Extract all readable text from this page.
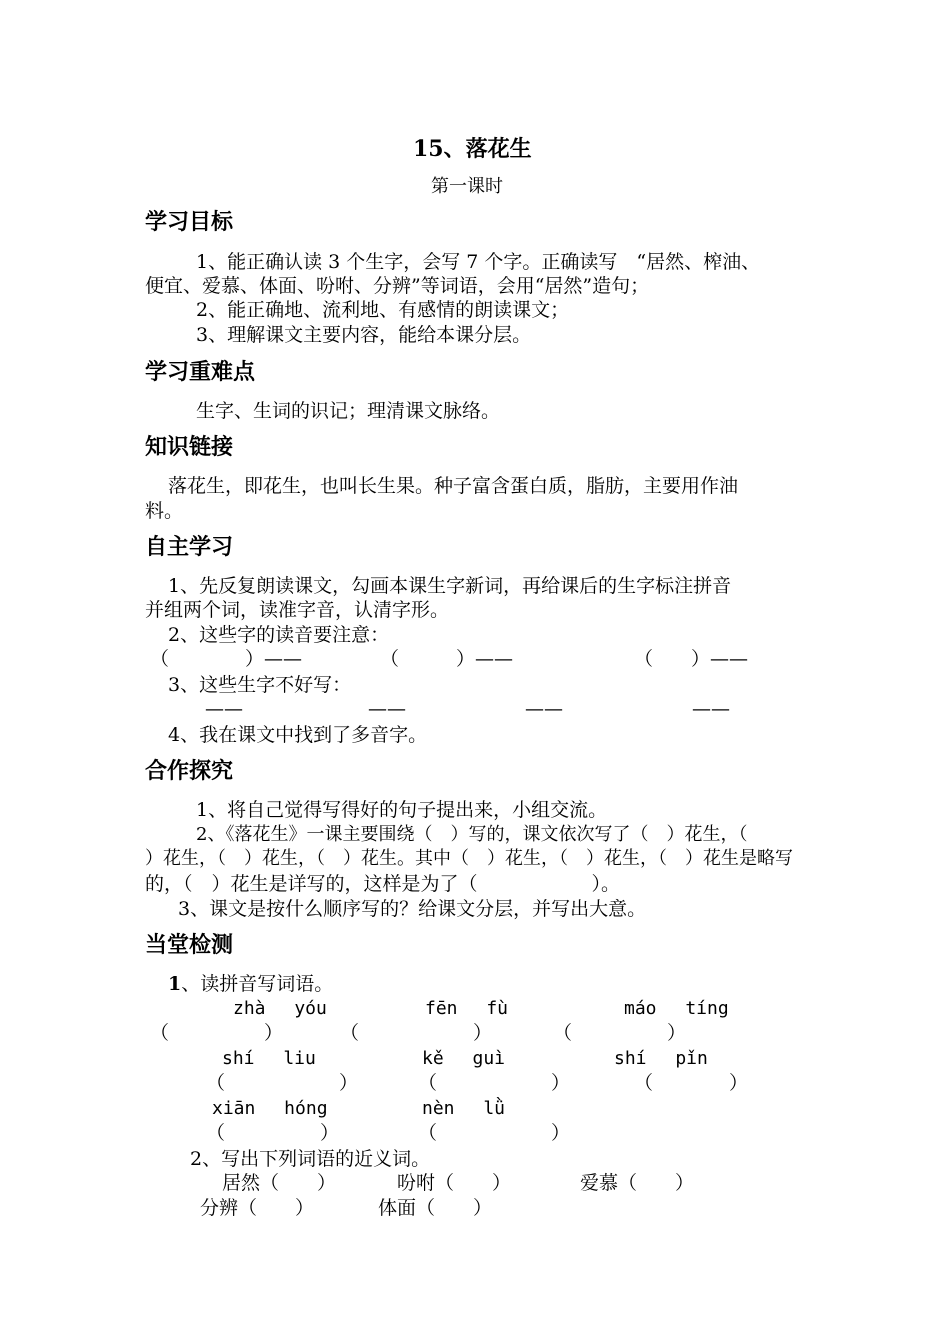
15、落花生
第一课时
学习目标
1、能正确认读 3 个生字，会写 7 个字。正确读写　“居然、榨油、
便宜、爱慕、体面、吩咐、分辨”等词语，会用“居然”造句；
2、能正确地、流利地、有感情的朗读课文；
3、理解课文主要内容，能给本课分层。
学习重难点
生字、生词的识记；理清课文脉络。
知识链接
落花生，即花生，也叫长生果。种子富含蛋白质，脂肪，主要用作油
料。
自主学习
1、先反复朗读课文，勾画本课生字新词，再给课后的生字标注拼音
并组两个词，读准字音，认清字形。
2、这些字的读音要注意：
（　　　　）——	（　　　）——	（　　）——
3、这些生字不好写：
——	——	——	——
4、我在课文中找到了多音字。
合作探究
1、将自己觉得写得好的句子提出来，小组交流。
2、《落花生》一课主要围绕（　）写的，课文依次写了（　）花生，（
）花生，（　）花生，（　）花生。其中（　）花生，（　）花生，（　）花生是略写
的，（　）花生是详写的，这样是为了（　　　　　　）。
3、课文是按什么顺序写的？给课文分层，并写出大意。
当堂检测
1、读拼音写词语。
zhà　 yóu	fēn　 fù	máo　 tíng
（　　　　　）	（　　　　　　）	（　　　　　）
shí　 liu	kě　 guì	shí　 pǐn
（　　　　　　）	（　　　　　　）	（　　　　）
xiān　 hóng	nèn　 lǜ
（　　　　　）	（　　　　　　）
2、写出下列词语的近义词。
居然（　　）	吩咐（　　）	爱慕（　　）
分辨（　　）	体面（　　）
